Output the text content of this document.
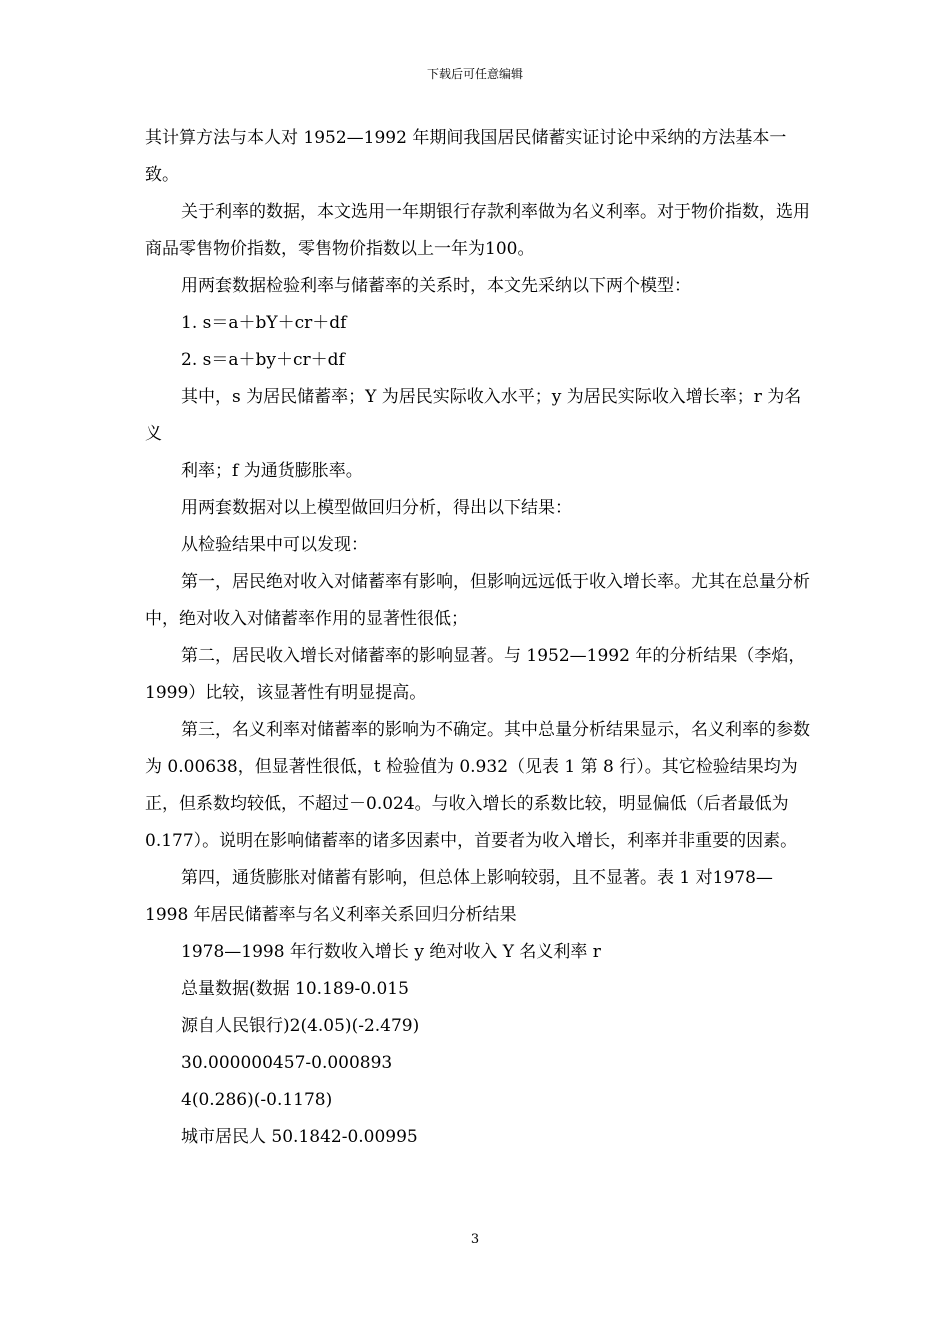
下载后可任意编辑

其计算方法与本人对 1952—1992 年期间我国居民储蓄实证讨论中采纳的方法基本一致。

关于利率的数据，本文选用一年期银行存款利率做为名义利率。对于物价指数，选用商品零售物价指数，零售物价指数以上一年为100。

用两套数据检验利率与储蓄率的关系时，本文先采纳以下两个模型：

1. s＝a＋bY＋cr＋df

2. s＝a＋by＋cr＋df

其中，s 为居民储蓄率；Y 为居民实际收入水平；y 为居民实际收入增长率；r 为名义

利率；f 为通货膨胀率。

用两套数据对以上模型做回归分析，得出以下结果：

从检验结果中可以发现：

第一，居民绝对收入对储蓄率有影响，但影响远远低于收入增长率。尤其在总量分析中，绝对收入对储蓄率作用的显著性很低；

第二，居民收入增长对储蓄率的影响显著。与 1952—1992 年的分析结果（李焰，1999）比较，该显著性有明显提高。

第三，名义利率对储蓄率的影响为不确定。其中总量分析结果显示，名义利率的参数为 0.00638，但显著性很低，t 检验值为 0.932（见表 1 第 8 行）。其它检验结果均为正，但系数均较低，不超过－0.024。与收入增长的系数比较，明显偏低（后者最低为 0.177）。说明在影响储蓄率的诸多因素中，首要者为收入增长，利率并非重要的因素。

第四，通货膨胀对储蓄有影响，但总体上影响较弱，且不显著。表 1 对1978—1998 年居民储蓄率与名义利率关系回归分析结果

1978—1998 年行数收入增长 y 绝对收入 Y 名义利率 r

总量数据(数据 10.189-0.015

源自人民银行)2(4.05)(-2.479)

30.000000457-0.000893

4(0.286)(-0.1178)

城市居民人 50.1842-0.00995

3
